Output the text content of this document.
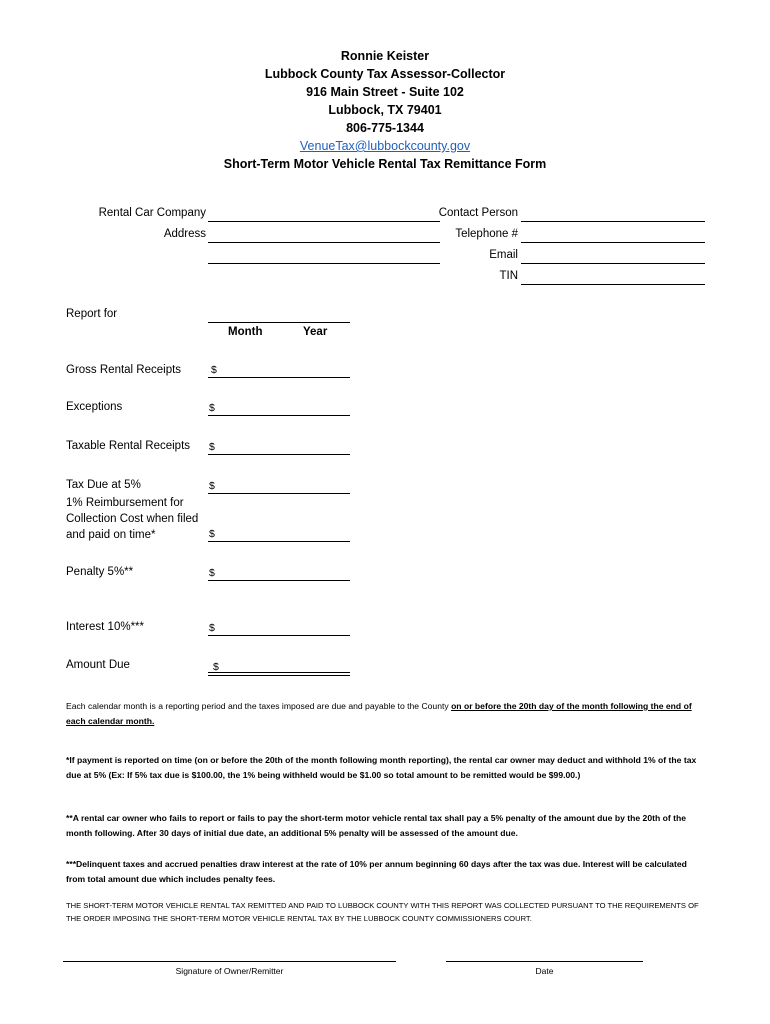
Ronnie Keister
Lubbock County Tax Assessor-Collector
916 Main Street - Suite 102
Lubbock, TX 79401
806-775-1344
VenueTax@lubbockcounty.gov
Short-Term Motor Vehicle Rental Tax Remittance Form
Rental Car Company
Address
Contact Person
Telephone #
Email
TIN
Report for
Month	Year
Gross Rental Receipts	$
Exceptions	$
Taxable Rental Receipts $
Tax Due at 5%	$
1% Reimbursement for
Collection Cost when filed
and paid on time*	$
Penalty 5%**	$
Interest 10%***	$
Amount Due	$
Each calendar month is a reporting period and the taxes imposed are due and payable to the County on or before the 20th day of the month following the end of each calendar month.
*If payment is reported on time (on or before the 20th of the month following month reporting), the rental car owner may deduct and withhold 1% of the tax due at 5% (Ex: If 5% tax due is $100.00, the 1% being withheld would be $1.00 so total amount to be remitted would be $99.00.)
**A rental car owner who fails to report or fails to pay the short-term motor vehicle rental tax shall pay a 5% penalty of the amount due by the 20th of the month following. After 30 days of initial due date, an additional 5% penalty will be assessed of the amount due.
***Delinquent taxes and accrued penalties draw interest at the rate of 10% per annum beginning 60 days after the tax was due. Interest will be calculated from total amount due which includes penalty fees.
THE SHORT-TERM MOTOR VEHICLE RENTAL TAX REMITTED AND PAID TO LUBBOCK COUNTY WITH THIS REPORT WAS COLLECTED PURSUANT TO THE REQUIREMENTS OF THE ORDER IMPOSING THE SHORT-TERM MOTOR VEHICLE RENTAL TAX BY THE LUBBOCK COUNTY COMMISSIONERS COURT.
Signature of Owner/Remitter	Date
